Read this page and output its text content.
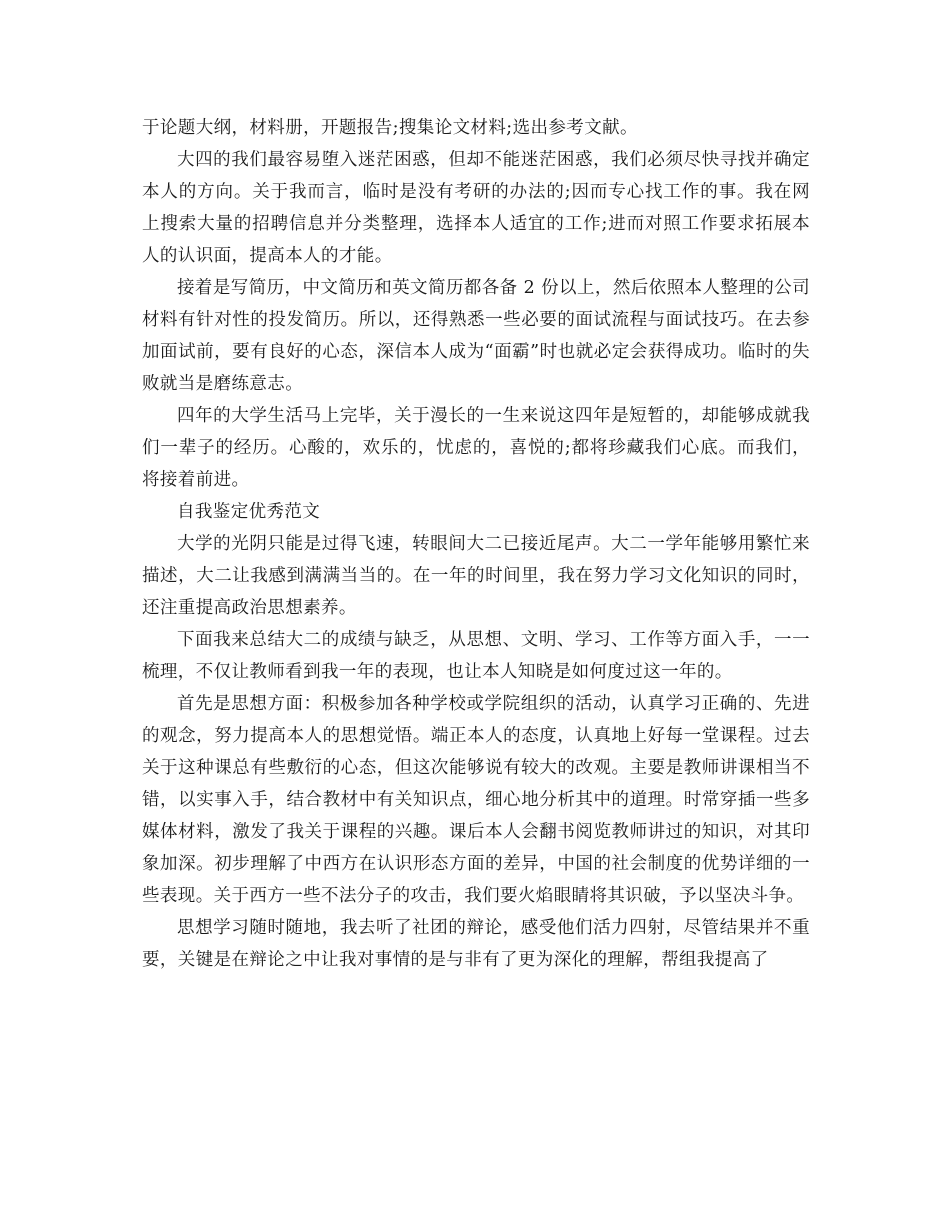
于论题大纲，材料册，开题报告;搜集论文材料;选出参考文献。

大四的我们最容易堕入迷茫困惑，但却不能迷茫困惑，我们必须尽快寻找并确定本人的方向。关于我而言，临时是没有考研的办法的;因而专心找工作的事。我在网上搜索大量的招聘信息并分类整理，选择本人适宜的工作;进而对照工作要求拓展本人的认识面，提高本人的才能。

接着是写简历，中文简历和英文简历都各备 2 份以上，然后依照本人整理的公司材料有针对性的投发简历。所以，还得熟悉一些必要的面试流程与面试技巧。在去参加面试前，要有良好的心态，深信本人成为“面霸”时也就必定会获得成功。临时的失败就当是磨练意志。

四年的大学生活马上完毕，关于漫长的一生来说这四年是短暂的，却能够成就我们一辈子的经历。心酸的，欢乐的，忧虑的，喜悦的;都将珍藏我们心底。而我们，将接着前进。

自我鉴定优秀范文

大学的光阴只能是过得飞速，转眼间大二已接近尾声。大二一学年能够用繁忙来描述，大二让我感到满满当当的。在一年的时间里，我在努力学习文化知识的同时，还注重提高政治思想素养。

下面我来总结大二的成绩与缺乏，从思想、文明、学习、工作等方面入手，一一梳理，不仅让教师看到我一年的表现，也让本人知晓是如何度过这一年的。

首先是思想方面：积极参加各种学校或学院组织的活动，认真学习正确的、先进的观念，努力提高本人的思想觉悟。端正本人的态度，认真地上好每一堂课程。过去关于这种课总有些敷衍的心态，但这次能够说有较大的改观。主要是教师讲课相当不错，以实事入手，结合教材中有关知识点，细心地分析其中的道理。时常穿插一些多媒体材料，激发了我关于课程的兴趣。课后本人会翻书阅览教师讲过的知识，对其印象加深。初步理解了中西方在认识形态方面的差异，中国的社会制度的优势详细的一些表现。关于西方一些不法分子的攻击，我们要火焰眼睛将其识破，予以坚决斗争。

思想学习随时随地，我去听了社团的辩论，感受他们活力四射，尽管结果并不重要，关键是在辩论之中让我对事情的是与非有了更为深化的理解，帮组我提高了
